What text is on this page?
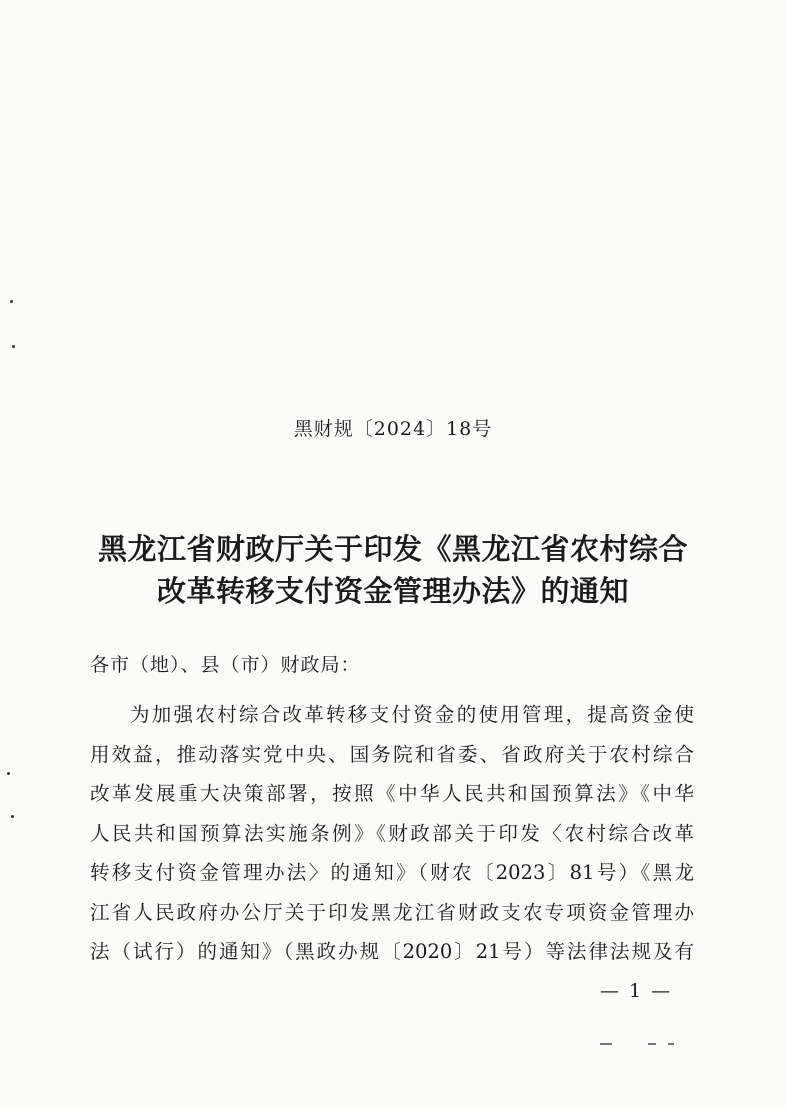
黑财规〔2024〕18号
黑龙江省财政厅关于印发《黑龙江省农村综合
改革转移支付资金管理办法》的通知
各市（地）、县（市）财政局：
为加强农村综合改革转移支付资金的使用管理，提高资金使
用效益，推动落实党中央、国务院和省委、省政府关于农村综合
改革发展重大决策部署，按照《中华人民共和国预算法》《中华
人民共和国预算法实施条例》《财政部关于印发〈农村综合改革
转移支付资金管理办法〉的通知》（财农〔2023〕81号）《黑龙
江省人民政府办公厅关于印发黑龙江省财政支农专项资金管理办
法（试行）的通知》（黑政办规〔2020〕21号）等法律法规及有
— 1 —
